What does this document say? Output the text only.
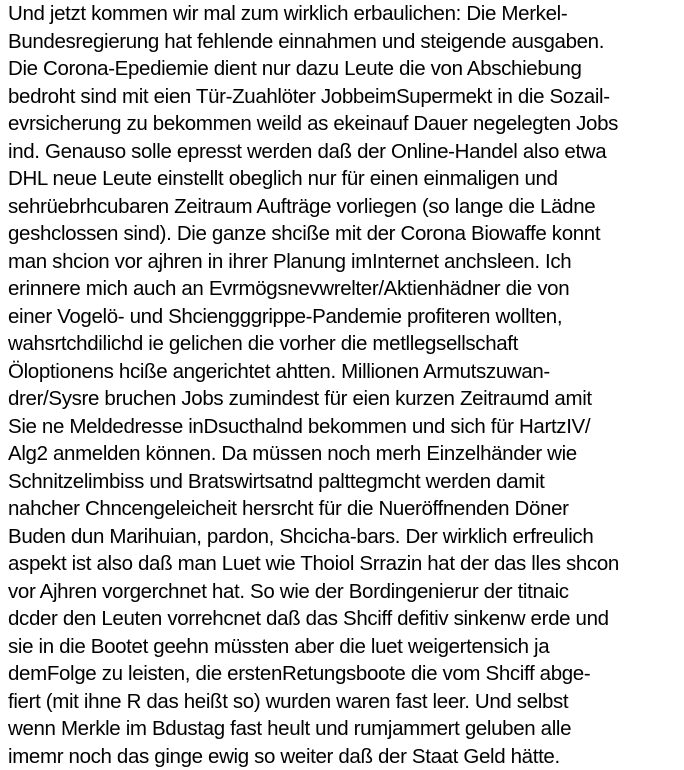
Und jetzt kommen wir mal zum wirklich erbaulichen: Die Merkel-
Bundesregierung hat fehlende einnahmen und steigende ausgaben.
Die Corona-Epediemie dient nur dazu Leute die von Abschiebung
bedroht sind mit eien Tür-Zuahlöter JobbeimSupermekt in die Sozail-
evrsicherung zu bekommen weild as ekeinauf Dauer negelegten Jobs
ind. Genauso solle epresst werden daß der Online-Handel also etwa
DHL neue Leute einstellt obeglich nur für einen einmaligen und
sehrüebrhcubaren Zeitraum Aufträge vorliegen (so lange die Lädne
geshclossen sind). Die ganze shcißе mit der Corona Biowaffe konnt
man shcion vor ajhren in ihrer Planung imInternet anchsleen. Ich
erinnere mich auch an Evrmögsnevwrelter/Aktienhädner die von
einer Vogelö- und Shciengggrippe-Pandemie profiteren wollten,
wahsrtchdilichd ie gelichen die vorher die metllegsellschaft
Öloptionens hcißе angerichtet ahtten. Millionen Armutszuwan-
drer/Sysre bruchen Jobs zumindest für eien kurzen Zeitraumd amit
Sie ne Meldedresse inDsucthalnd bekommen und sich für HartzIV/
Alg2 anmelden können. Da müssen noch merh Einzelhänder wie
Schnitzelimbiss und Bratswirtsatnd palttegmcht werden damit
nahcher Chncengeleicheit hersrcht für die Nueröffnenden Döner
Buden dun Marihuian, pardon, Shcicha-bars. Der wirklich erfreulich
aspekt ist also daß man Luet wie Thoiol Srrazin hat der das lles shcon
vor Ajhren vorgerchnet hat. So wie der Bordingenierur der titnaic
dcder den Leuten vorrehcnet daß das Shciff defitiv sinkenw erde und
sie in die Bootet geehn müssten aber die luet weigertensich ja
demFolge zu leisten, die erstenRetungsboote die vom Shciff abge-
fiert (mit ihne R das heißt so) wurden waren fast leer. Und selbst
wenn Merkle im Bdustag fast heult und rumjammert geluben alle
imemr noch das ginge ewig so weiter daß der Staat Geld hätte.
